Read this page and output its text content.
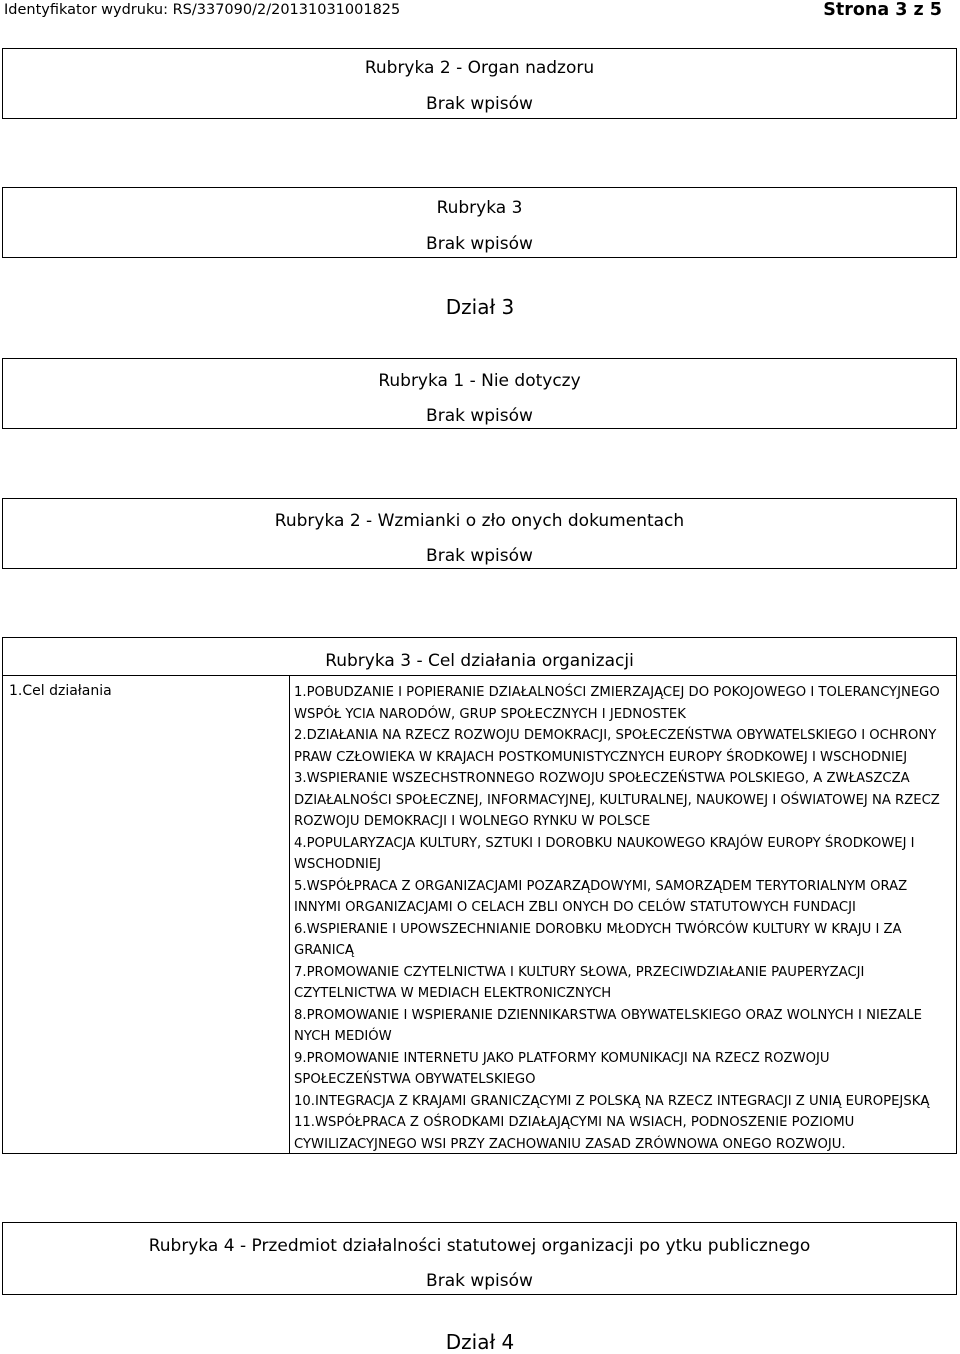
Identyfikator wydruku: RS/337090/2/20131031001825	Strona 3 z 5
Rubryka 2 - Organ nadzoru
Brak wpisów
Rubryka 3
Brak wpisów
Dział 3
Rubryka 1 - Nie dotyczy
Brak wpisów
Rubryka 2 - Wzmianki o zło onych dokumentach
Brak wpisów
Rubryka 3 - Cel działania organizacji
1.Cel działania	1.POBUDZANIE I POPIERANIE DZIAŁALNOŚCI ZMIERZAJĄCEJ DO POKOJOWEGO I TOLERANCYJNEGO WSPÓŁ YCIA NARODÓW, GRUP SPOŁECZNYCH I JEDNOSTEK
2.DZIAŁANIA NA RZECZ ROZWOJU DEMOKRACJI, SPOŁECZEŃSTWA OBYWATELSKIEGO I OCHRONY PRAW CZŁOWIEKA W KRAJACH POSTKOMUNISTYCZNYCH EUROPY ŚRODKOWEJ I WSCHODNIEJ
3.WSPIERANIE WSZECHSTRONNEGO ROZWOJU SPOŁECZEŃSTWA POLSKIEGO, A ZWŁASZCZA DZIAŁALNOŚCI SPOŁECZNEJ, INFORMACYJNEJ, KULTURALNEJ, NAUKOWEJ I OŚWIATOWEJ NA RZECZ ROZWOJU DEMOKRACJI I WOLNEGO RYNKU W POLSCE
4.POPULARYZACJA KULTURY, SZTUKI I DOROBKU NAUKOWEGO KRAJÓW EUROPY ŚRODKOWEJ I WSCHODNIEJ
5.WSPÓŁPRACA Z ORGANIZACJAMI POZARZĄDOWYMI, SAMORZĄDEM TERYTORIALNYM ORAZ INNYMI ORGANIZACJAMI O CELACH ZBLI ONYCH DO CELÓW STATUTOWYCH FUNDACJI
6.WSPIERANIE I UPOWSZECHNIANIE DOROBKU MŁODYCH TWÓRCÓW KULTURY W KRAJU I ZA GRANICĄ
7.PROMOWANIE CZYTELNICTWA I KULTURY SŁOWA, PRZECIWDZIAŁANIE PAUPERYZACJI CZYTELNICTWA W MEDIACH ELEKTRONICZNYCH
8.PROMOWANIE I WSPIERANIE DZIENNIKARSTWA OBYWATELSKIEGO ORAZ WOLNYCH I NIEZALE NYCH MEDIÓW
9.PROMOWANIE INTERNETU JAKO PLATFORMY KOMUNIKACJI NA RZECZ ROZWOJU SPOŁECZEŃSTWA OBYWATELSKIEGO
10.INTEGRACJA Z KRAJAMI GRANICZĄCYMI Z POLSKĄ NA RZECZ INTEGRACJI Z UNIĄ EUROPEJSKĄ
11.WSPÓŁPRACA Z OŚRODKAMI DZIAŁAJĄCYMI NA WSIACH, PODNOSZENIE POZIOMU CYWILIZACYJNEGO WSI PRZY ZACHOWANIU ZASAD ZRÓWNOWA ONEGO ROZWOJU.
Rubryka 4 - Przedmiot działalności statutowej organizacji po ytku publicznego
Brak wpisów
Dział 4
